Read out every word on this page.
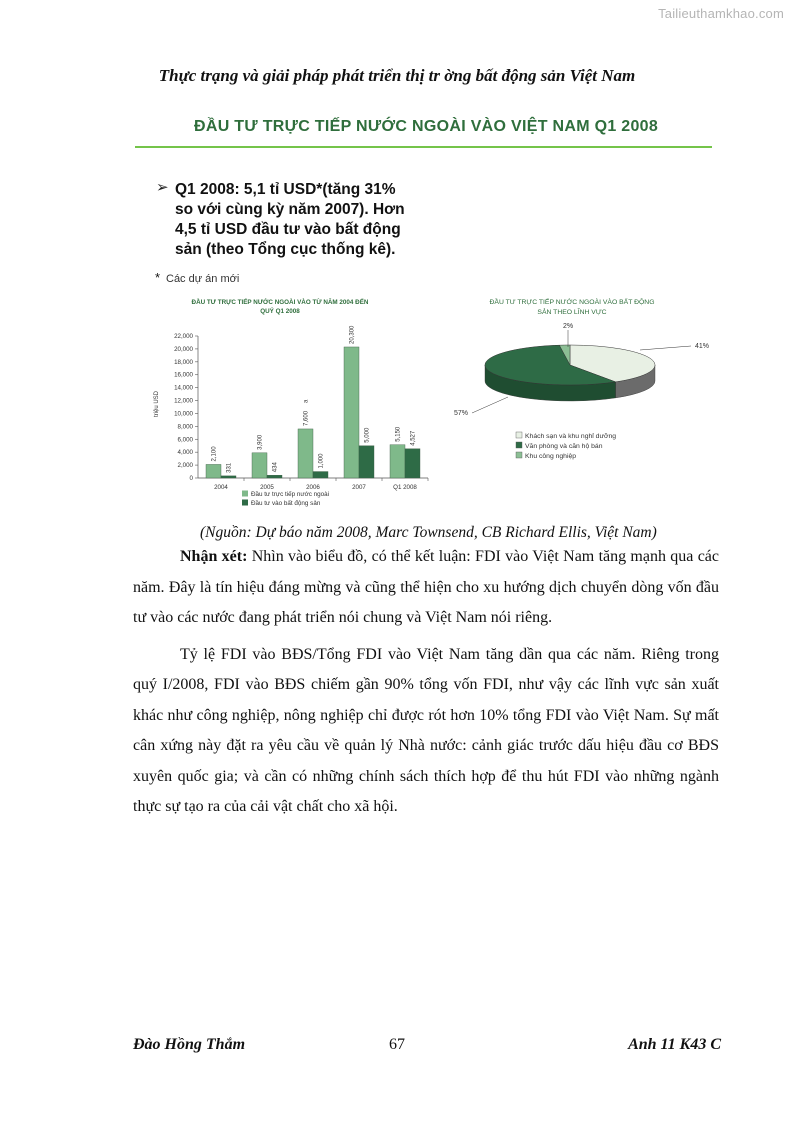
Tailieuthamkhao.com
Thực trạng và giải pháp phát triển thị tr ờng bất động sản Việt Nam
ĐẦU TƯ TRỰC TIẾP NƯỚC NGOÀI VÀO VIỆT NAM Q1 2008
➢ Q1 2008: 5,1 tỉ USD*(tăng 31%
so với cùng kỳ năm 2007). Hơn
4,5 tỉ USD đầu tư vào bất động
sản (theo Tổng cục thống kê).
* Các dự án mới
ĐẦU TƯ TRỰC TIẾP NƯỚC NGOÀI VÀO TỪ NĂM 2004 ĐẾN
QUÝ Q1 2008
triệu USD
0
2,000
4,000
6,000
8,000
10,000
12,000
14,000
16,000
18,000
20,000
22,000
2004
2,100
331
2005
3,900
434
2006
7,600
1,000
2007
20,300
5,000
Q1 2008
5,150 4,527
a
Đầu tư trực tiếp nước ngoài
Đầu tư vào bất động sản
ĐẦU TƯ TRỰC TIẾP NƯỚC NGOÀI VÀO BẤT ĐỘNG
SẢN THEO LĨNH VỰC
41%
57%
2%
Khách sạn và khu nghỉ dưỡng
Văn phòng và căn hộ bán
Khu công nghiệp
(Nguồn: Dự báo năm 2008, Marc Townsend, CB Richard Ellis, Việt Nam)

Nhận xét: Nhìn vào biểu đồ, có thể kết luận: FDI vào Việt Nam tăng mạnh qua các năm. Đây là tín hiệu đáng mừng và cũng thể hiện cho xu hướng dịch chuyển dòng vốn đầu tư vào các nước đang phát triển nói chung và Việt Nam nói riêng.

Tỷ lệ FDI vào BĐS/Tổng FDI vào Việt Nam tăng dần qua các năm. Riêng trong quý I/2008, FDI vào BĐS chiếm gần 90% tổng vốn FDI, như vậy các lĩnh vực sản xuất khác như công nghiệp, nông nghiệp chỉ được rót hơn 10% tổng FDI vào Việt Nam. Sự mất cân xứng này đặt ra yêu cầu về quản lý Nhà nước: cảnh giác trước dấu hiệu đầu cơ BĐS xuyên quốc gia; và cần có những chính sách thích hợp để thu hút FDI vào những ngành thực sự tạo ra của cải vật chất cho xã hội.

Đào Hồng Thắm	67	Anh 11 K43 C
